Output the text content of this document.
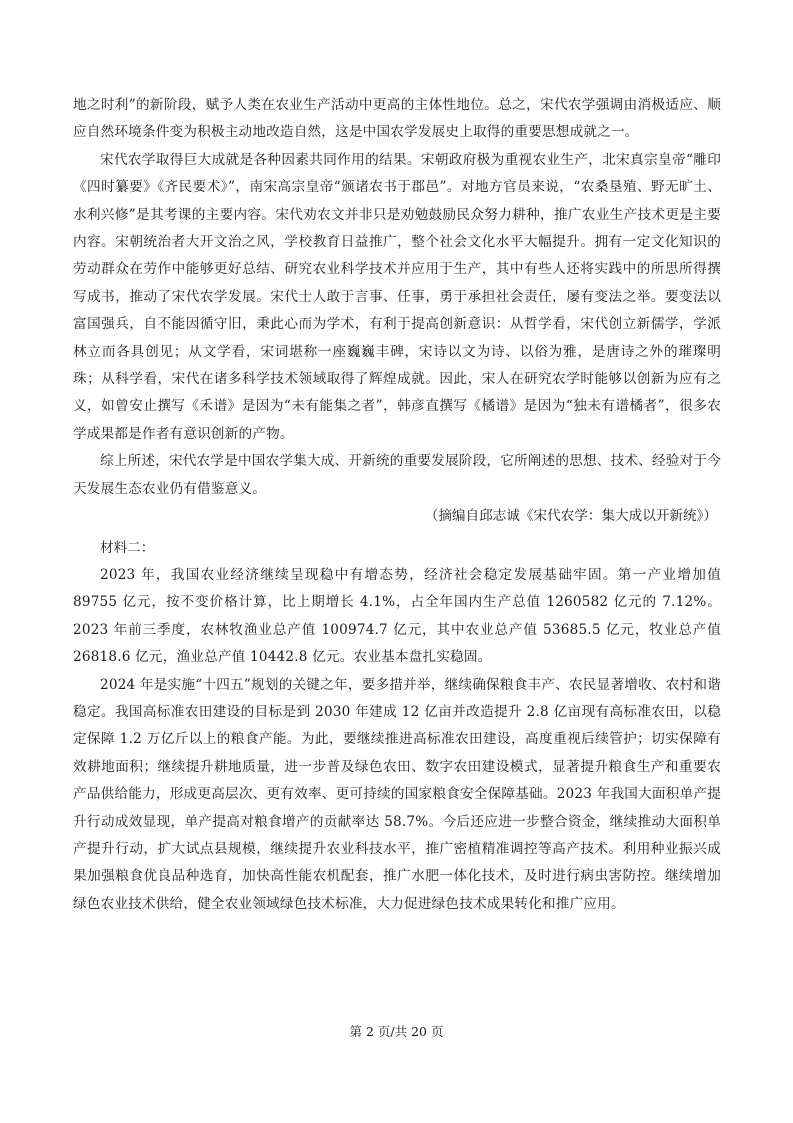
地之时利”的新阶段，赋予人类在农业生产活动中更高的主体性地位。总之，宋代农学强调由消极适应、顺应自然环境条件变为积极主动地改造自然，这是中国农学发展史上取得的重要思想成就之一。

宋代农学取得巨大成就是各种因素共同作用的结果。宋朝政府极为重视农业生产，北宋真宗皇帝“雕印《四时纂要》《齐民要术》”，南宋高宗皇帝“颁诸农书于郡邑”。对地方官员来说，“农桑垦殖、野无旷土、水利兴修”是其考课的主要内容。宋代劝农文并非只是劝勉鼓励民众努力耕种，推广农业生产技术更是主要内容。宋朝统治者大开文治之风，学校教育日益推广，整个社会文化水平大幅提升。拥有一定文化知识的劳动群众在劳作中能够更好总结、研究农业科学技术并应用于生产，其中有些人还将实践中的所思所得撰写成书，推动了宋代农学发展。宋代士人敢于言事、任事，勇于承担社会责任，屡有变法之举。要变法以富国强兵，自不能因循守旧，秉此心而为学术，有利于提高创新意识：从哲学看，宋代创立新儒学，学派林立而各具创见；从文学看，宋词堪称一座巍巍丰碑，宋诗以文为诗、以俗为雅，是唐诗之外的璀璨明珠；从科学看，宋代在诸多科学技术领域取得了辉煌成就。因此，宋人在研究农学时能够以创新为应有之义，如曾安止撰写《禾谱》是因为“未有能集之者”，韩彦直撰写《橘谱》是因为“独未有谱橘者”，很多农学成果都是作者有意识创新的产物。

综上所述，宋代农学是中国农学集大成、开新统的重要发展阶段，它所阐述的思想、技术、经验对于今天发展生态农业仍有借鉴意义。

（摘编自邱志诚《宋代农学：集大成以开新统》）

材料二：

2023 年，我国农业经济继续呈现稳中有增态势，经济社会稳定发展基础牢固。第一产业增加值 89755 亿元，按不变价格计算，比上期增长 4.1%，占全年国内生产总值 1260582 亿元的 7.12%。2023 年前三季度，农林牧渔业总产值 100974.7 亿元，其中农业总产值 53685.5 亿元，牧业总产值 26818.6 亿元，渔业总产值 10442.8 亿元。农业基本盘扎实稳固。

2024 年是实施“十四五”规划的关键之年，要多措并举，继续确保粮食丰产、农民显著增收、农村和谐稳定。我国高标准农田建设的目标是到 2030 年建成 12 亿亩并改造提升 2.8 亿亩现有高标准农田，以稳定保障 1.2 万亿斤以上的粮食产能。为此，要继续推进高标准农田建设，高度重视后续管护；切实保障有效耕地面积；继续提升耕地质量，进一步普及绿色农田、数字农田建设模式，显著提升粮食生产和重要农产品供给能力，形成更高层次、更有效率、更可持续的国家粮食安全保障基础。2023 年我国大面积单产提升行动成效显现，单产提高对粮食增产的贡献率达 58.7%。今后还应进一步整合资金，继续推动大面积单产提升行动，扩大试点县规模，继续提升农业科技水平，推广密植精准调控等高产技术。利用种业振兴成果加强粮食优良品种选育，加快高性能农机配套，推广水肥一体化技术，及时进行病虫害防控。继续增加绿色农业技术供给，健全农业领域绿色技术标准，大力促进绿色技术成果转化和推广应用。

第 2 页/共 20 页
